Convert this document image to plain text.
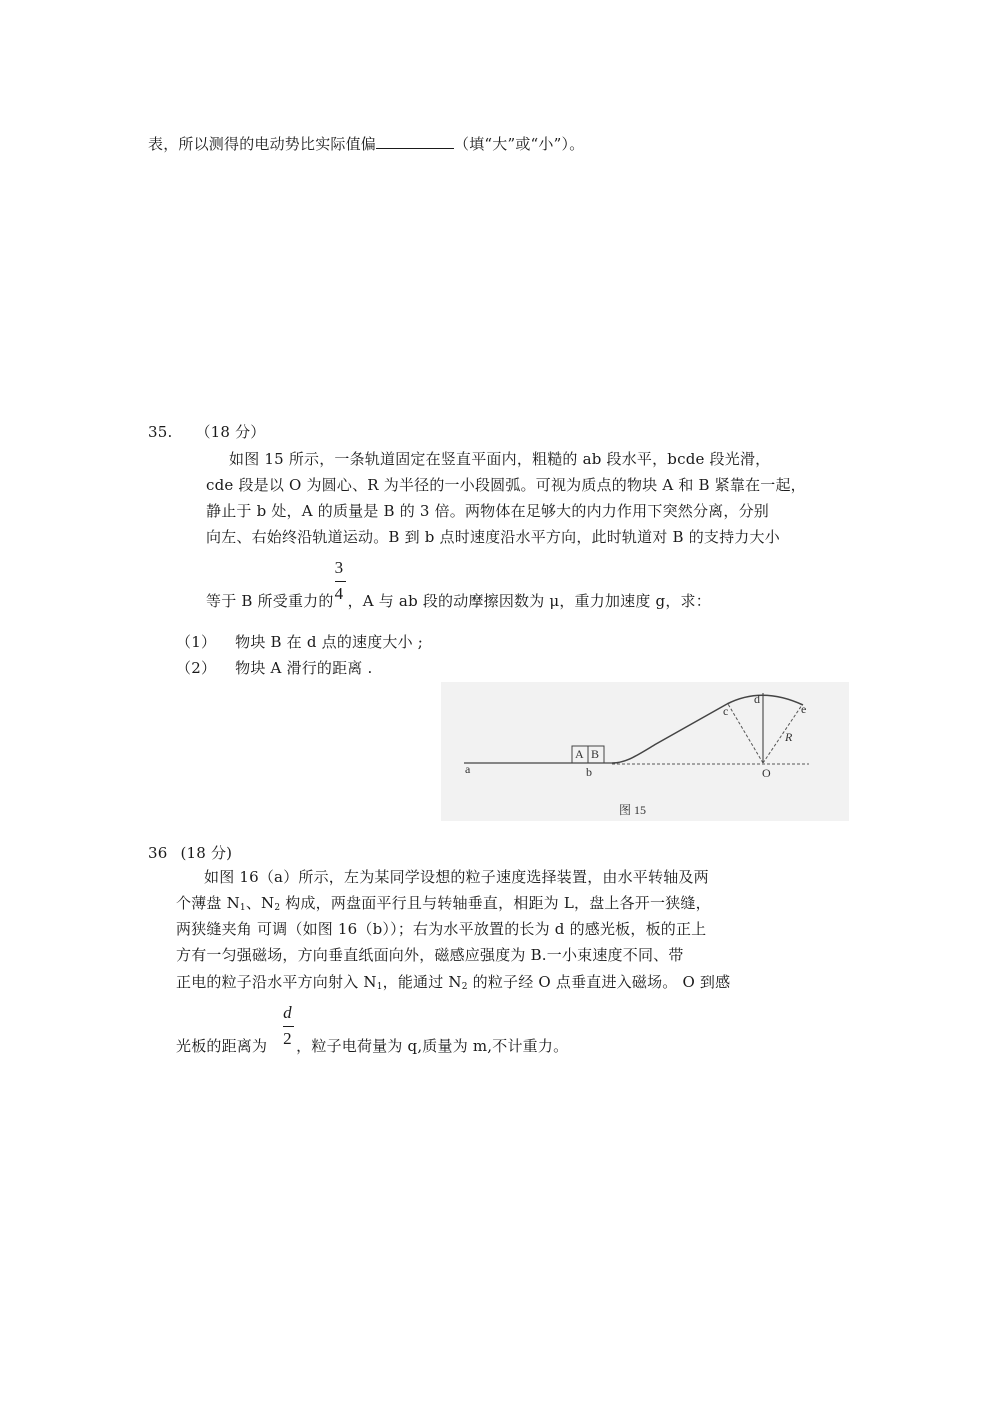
表，所以测得的电动势比实际值偏	（填“大”或“小”）。
35. （18 分）
如图 15 所示，一条轨道固定在竖直平面内，粗糙的 ab 段水平，bcde 段光滑，
cde 段是以 O 为圆心、R 为半径的一小段圆弧。可视为质点的物块 A 和 B 紧靠在一起，
静止于 b 处，A 的质量是 B 的 3 倍。两物体在足够大的内力作用下突然分离，分别
向左、右始终沿轨道运动。B 到 b 点时速度沿水平方向，此时轨道对 B 的支持力大小
等于 B 所受重力的 $\frac{3}{4}$ ，A 与 ab 段的动摩擦因数为 μ，重力加速度 g，求：
（1） 物块 B 在 d 点的速度大小 ;
（2） 物块 A 滑行的距离 .
a	b
c
d
e
O
R
A B
图 15
36 (18 分)
如图 16（a）所示，左为某同学设想的粒子速度选择装置，由水平转轴及两
个薄盘 $N_1$、$N_2$ 构成，两盘面平行且与转轴垂直，相距为 L，盘上各开一狭缝，
两狭缝夹角 可调（如图 16（b））；右为水平放置的长为 d 的感光板，板的正上
方有一匀强磁场，方向垂直纸面向外，磁感应强度为 B.一小束速度不同、带
正电的粒子沿水平方向射入 $N_1$，能通过 $N_2$ 的粒子经 O 点垂直进入磁场。 O 到感
光板的距离为 $\frac{d}{2}$ ，粒子电荷量为 q,质量为 m,不计重力。
